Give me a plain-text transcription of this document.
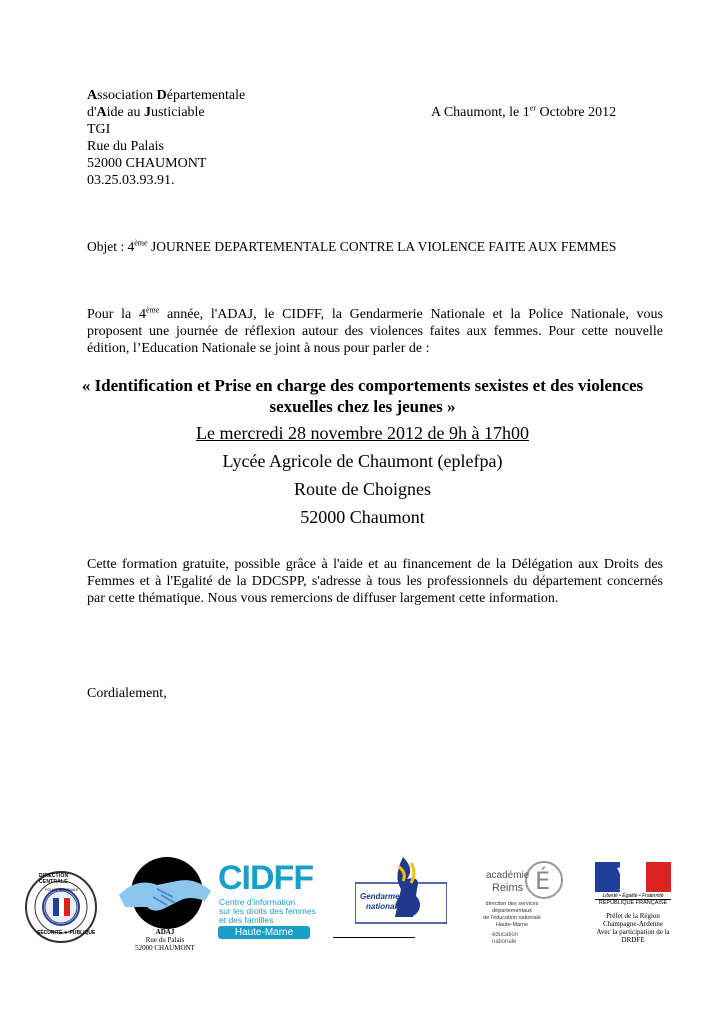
Association Départementale
d'Aide au Justiciable
TGI
Rue du Palais
52000 CHAUMONT
03.25.03.93.91.
A Chaumont, le 1er Octobre 2012
Objet : 4ème JOURNEE DEPARTEMENTALE CONTRE LA VIOLENCE FAITE AUX FEMMES
Pour la 4ème année, l'ADAJ, le CIDFF, la Gendarmerie Nationale et la Police Nationale, vous
proposent une journée de réflexion autour des violences faites aux femmes. Pour cette nouvelle
édition, l’Education Nationale se joint à nous pour parler de :
« Identification et Prise en charge des comportements sexistes et des violences
sexuelles chez les jeunes »
Le mercredi 28 novembre 2012 de 9h à 17h00
Lycée Agricole de Chaumont (eplefpa)
Route de Choignes
52000 Chaumont
Cette formation gratuite, possible grâce à l'aide et au financement de la Délégation aux Droits des
Femmes et à l'Egalité de la DDCSPP, s'adresse à tous les professionnels du département concernés
par cette thématique. Nous vous remercions de diffuser largement cette information.
Cordialement,
DIRECTION CENTRALE
SÉCURITÉ ★ PUBLIQUE
POLICE NATIONALE
ADAJ
Rue du Palais
52000 CHAUMONT
CIDFF
Centre d'information
sur les droits des femmes
et des familles
Haute-Marne
Gendarmerie
nationale
É
académie
Reims
direction des services
départementaux
de l'éducation nationale
Haute-Marne
éducation
nationale
Liberté • Égalité • Fraternité
RÉPUBLIQUE FRANÇAISE
Préfet de la Région
Champagne-Ardenne
Avec la participation de la
DRDFE
